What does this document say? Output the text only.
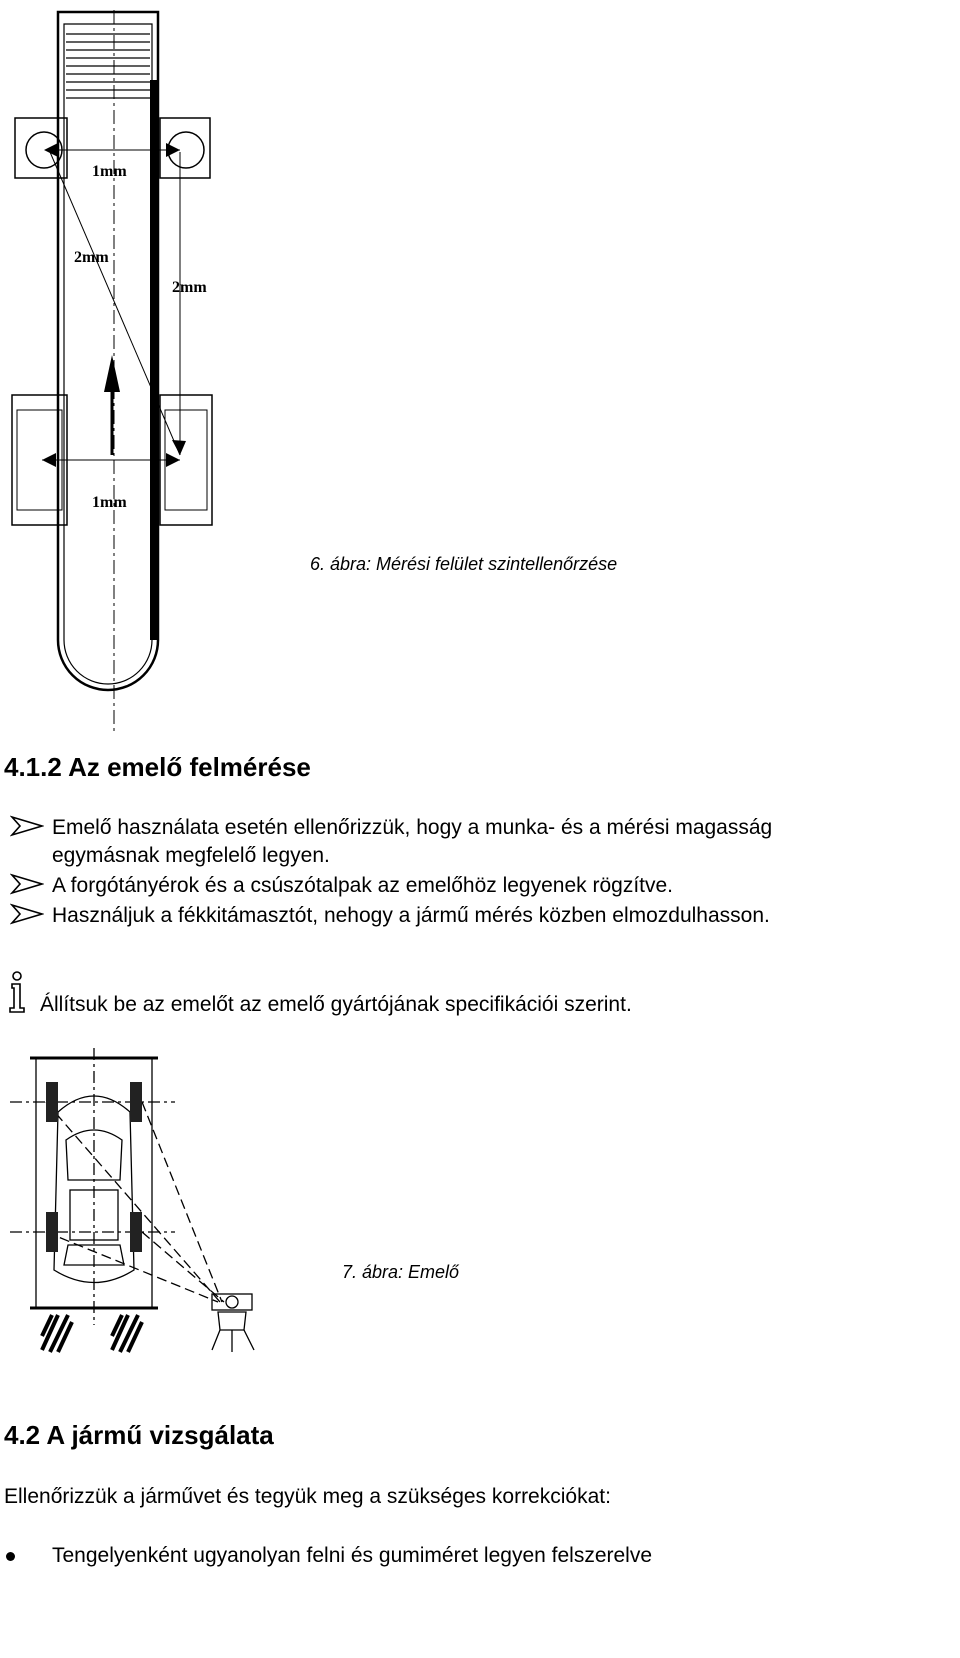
1mm
2mm
2mm
1mm
6. ábra: Mérési felület szintellenőrzése
4.1.2 Az emelő felmérése
Emelő használata esetén ellenőrizzük, hogy a munka- és a mérési magasság
egymásnak megfelelő legyen.
A forgótányérok és a csúszótalpak az emelőhöz legyenek rögzítve.
Használjuk a fékkitámasztót, nehogy a jármű mérés közben elmozdulhasson.
Állítsuk be az emelőt az emelő gyártójának specifikációi szerint.
7. ábra: Emelő
4.2 A jármű vizsgálata
Ellenőrizzük a járművet és tegyük meg a szükséges korrekciókat:
Tengelyenként ugyanolyan felni és gumiméret legyen felszerelve
